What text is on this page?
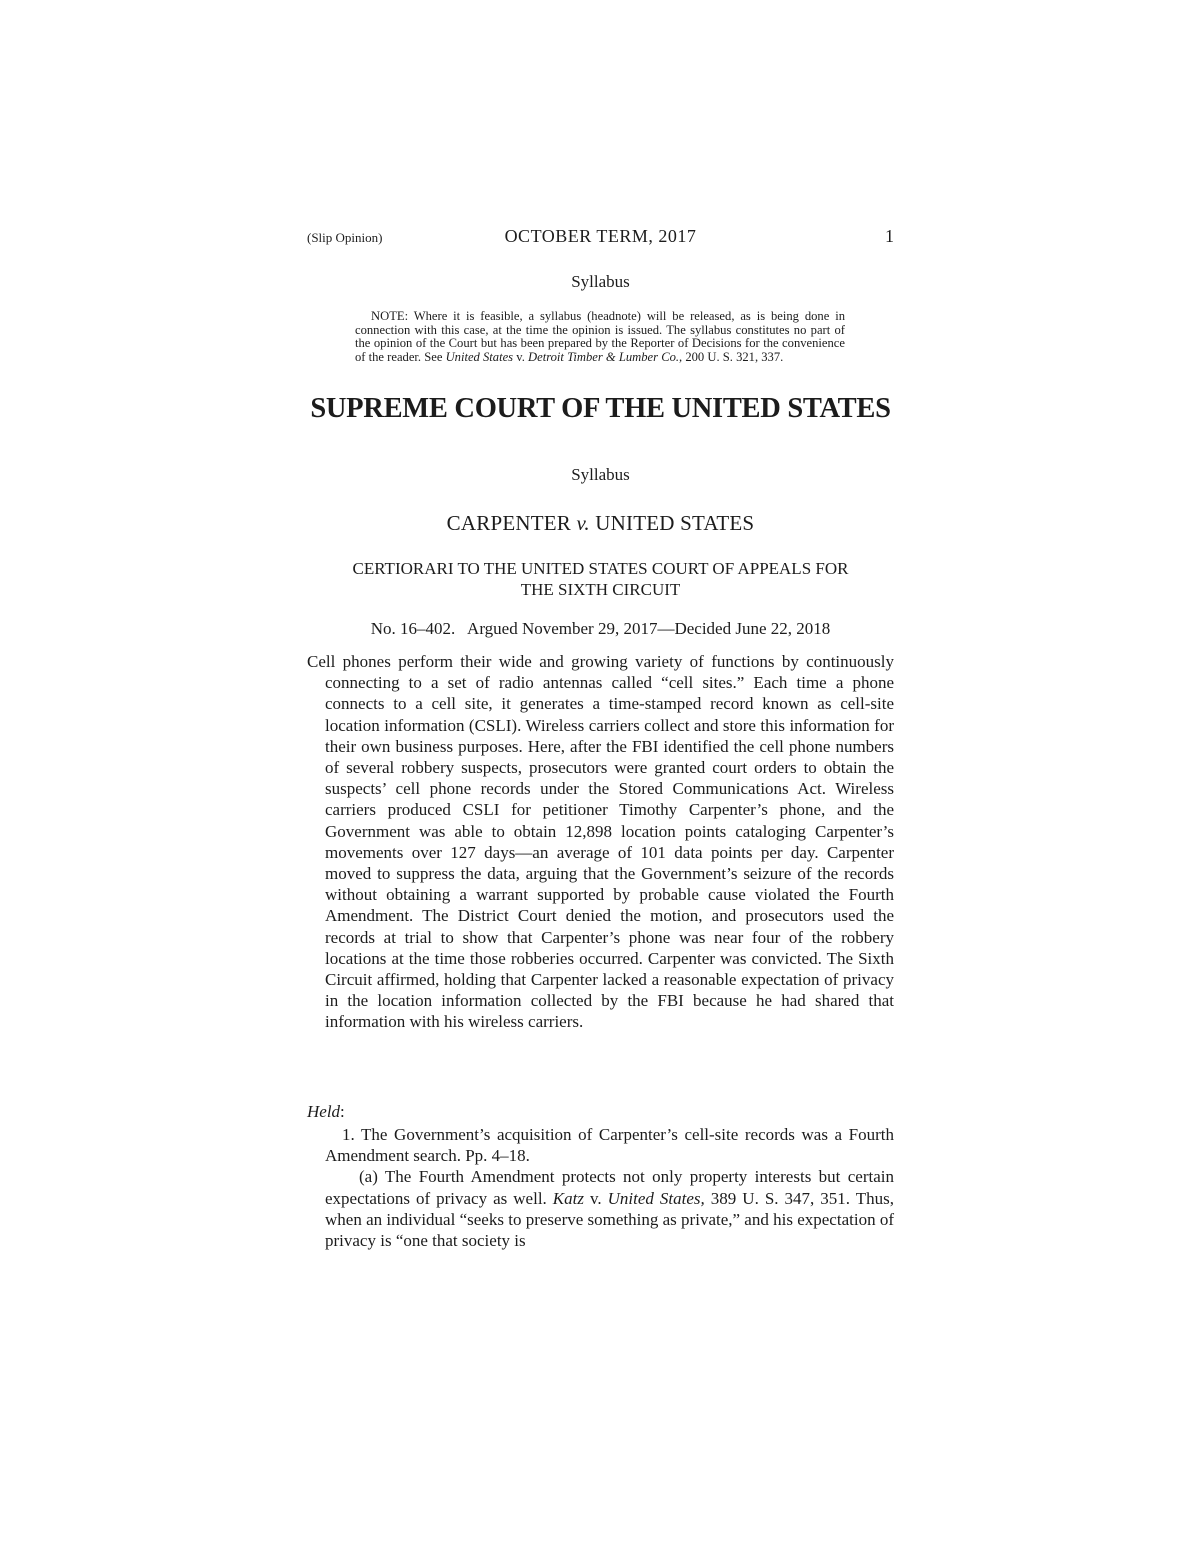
(Slip Opinion)	OCTOBER TERM, 2017	1
Syllabus
NOTE: Where it is feasible, a syllabus (headnote) will be released, as is being done in connection with this case, at the time the opinion is issued. The syllabus constitutes no part of the opinion of the Court but has been prepared by the Reporter of Decisions for the convenience of the reader. See United States v. Detroit Timber & Lumber Co., 200 U. S. 321, 337.
SUPREME COURT OF THE UNITED STATES
Syllabus
CARPENTER v. UNITED STATES
CERTIORARI TO THE UNITED STATES COURT OF APPEALS FOR
THE SIXTH CIRCUIT
No. 16–402.   Argued November 29, 2017—Decided June 22, 2018
Cell phones perform their wide and growing variety of functions by continuously connecting to a set of radio antennas called “cell sites.” Each time a phone connects to a cell site, it generates a time-stamped record known as cell-site location information (CSLI). Wireless carriers collect and store this information for their own business purposes. Here, after the FBI identified the cell phone numbers of several robbery suspects, prosecutors were granted court orders to obtain the suspects’ cell phone records under the Stored Communications Act. Wireless carriers produced CSLI for petitioner Timothy Carpenter’s phone, and the Government was able to obtain 12,898 location points cataloging Carpenter’s movements over 127 days—an average of 101 data points per day. Carpenter moved to suppress the data, arguing that the Government’s seizure of the records without obtaining a warrant supported by probable cause violated the Fourth Amendment. The District Court denied the motion, and prosecutors used the records at trial to show that Carpenter’s phone was near four of the robbery locations at the time those robberies occurred. Carpenter was convicted. The Sixth Circuit affirmed, holding that Carpenter lacked a reasonable expectation of privacy in the location information collected by the FBI because he had shared that information with his wireless carriers.
Held:

1. The Government’s acquisition of Carpenter’s cell-site records was a Fourth Amendment search. Pp. 4–18.

(a) The Fourth Amendment protects not only property interests but certain expectations of privacy as well. Katz v. United States, 389 U. S. 347, 351. Thus, when an individual “seeks to preserve something as private,” and his expectation of privacy is “one that society is
